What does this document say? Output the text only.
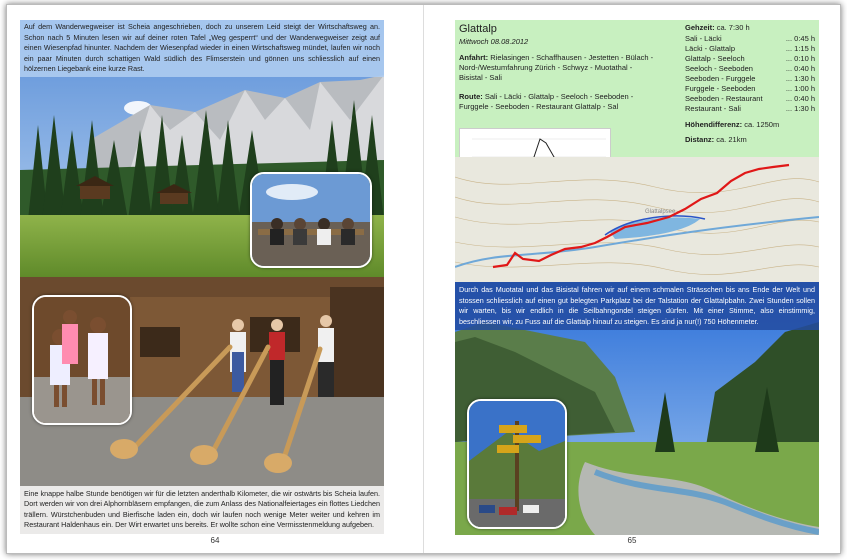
Auf dem Wanderwegweiser ist Scheia angeschrieben, doch zu unserem Leid steigt der Wirtschaftsweg an. Schon nach 5 Minuten lesen wir auf deiner roten Tafel „Weg gesperrt“ und der Wanderwegweiser zeigt auf einen Wiesenpfad hinunter. Nachdem der Wiesenpfad wieder in einen Wirtschaftsweg mündet, laufen wir noch ein paar Minuten durch schattigen Wald südlich des Flimserstein und gönnen uns schliesslich auf einen hölzernen Liegebank eine kurze Rast.
Eine knappe halbe Stunde benötigen wir für die letzten anderthalb Kilometer, die wir ostwärts bis Scheia laufen. Dort werden wir von drei Alphornbläsern empfangen, die zum Anlass des Nationalfeiertages ein flottes Liedchen trällern. Würstchenbuden und Bierfische laden ein, doch wir laufen noch wenige Meter weiter und kehren im Restaurant Haldenhaus ein. Der Wirt erwartet uns bereits. Er wollte schon eine Vermisstenmeldung aufgeben.
64
Glattalp
Mittwoch 08.08.2012
Anfahrt: Rielasingen - Schaffhausen - Jestetten - Bülach - Nord-/Westumfahrung Zürich - Schwyz - Muotathal - Bisistal - Sali
Route: Sali - Läcki - Glattalp - Seeloch - Seeboden - Furggele - Seeboden - Restaurant Glattalp - Sal
Gehzeit: ca. 7:30 h
Sali - Läcki	... 0:45 h
Läcki - Glattalp	... 1:15 h
Glattalp - Seeloch	... 0:10 h
Seeloch - Seeboden	... 0:40 h
Seeboden - Furggele	... 1:30 h
Furggele - Seeboden	... 1:00 h
Seeboden - Restaurant	... 0:40 h
Restaurant - Sali	... 1:30 h
Höhendifferenz: ca. 1250m
Distanz: ca. 21km
Glattalpsee
Durch das Muotatal und das Bisistal fahren wir auf einem schmalen Strässchen bis ans Ende der Welt und stossen schliesslich auf einen gut belegten Parkplatz bei der Talstation der Glattalpbahn. Zwei Stunden sollen wir warten, bis wir endlich in die Seilbahngondel steigen dürfen. Mit einer Stimme, also einstimmig, beschliessen wir, zu Fuss auf die Glattalp hinauf zu steigen. Es sind ja nur(!) 750 Höhenmeter.
65
